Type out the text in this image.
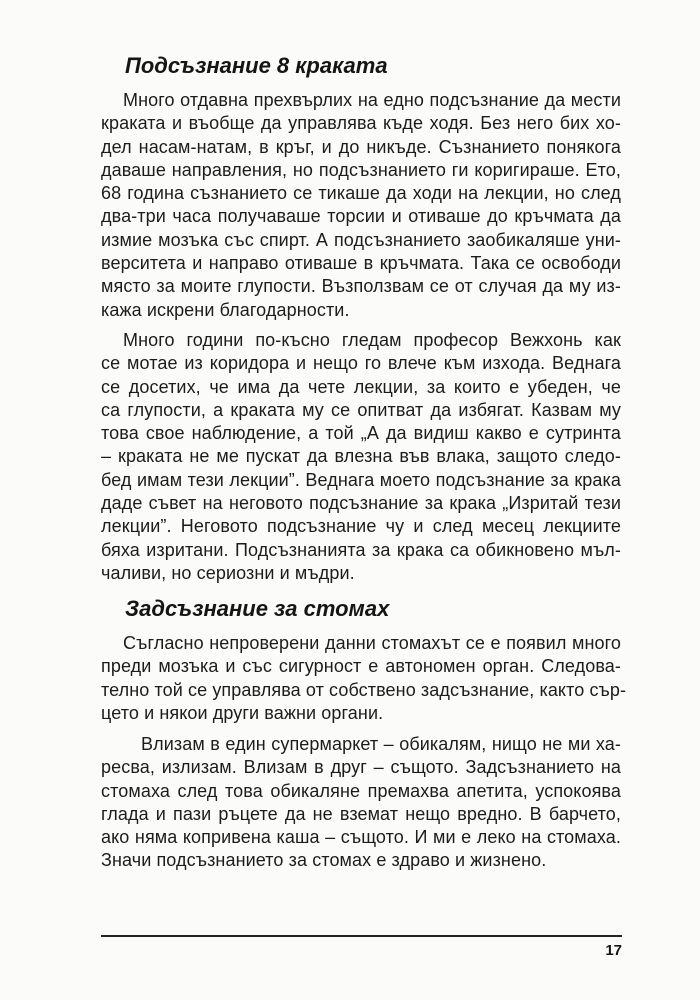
Подсъзнание 8 краката
Много отдавна прехвърлих на едно подсъзнание да мести
краката и въобще да управлява къде ходя. Без него бих хо-
дел насам-натам, в кръг, и до никъде. Съзнанието понякога
даваше направления, но подсъзнанието ги коригираше. Ето,
68 година съзнанието се тикаше да ходи на лекции, но след
два-три часа получаваше торсии и отиваше до кръчмата да
измие мозъка със спирт. А подсъзнанието заобикаляше уни-
верситета и направо отиваше в кръчмата. Така се освободи
място за моите глупости. Възползвам се от случая да му из-
кажа искрени благодарности.
Много години по-късно гледам професор Вежхонь как
се мотае из коридора и нещо го влече към изхода. Веднага
се досетих, че има да чете лекции, за които е убеден, че
са глупости, а краката му се опитват да избягат. Казвам му
това свое наблюдение, а той „А да видиш какво е сутринта
– краката не ме пускат да влезна във влака, защото следо-
бед имам тези лекции”. Веднага моето подсъзнание за крака
даде съвет на неговото подсъзнание за крака „Изритай тези
лекции”. Неговото подсъзнание чу и след месец лекциите
бяха изритани. Подсъзнанията за крака са обикновено мъл-
чаливи, но сериозни и мъдри.
Задсъзнание за стомах
Съгласно непроверени данни стомахът се е появил много
преди мозъка и със сигурност е автономен орган. Следова-
телно той се управлява от собствено задсъзнание, както сър-
цето и някои други важни органи.
Влизам в един супермаркет – обикалям, нищо не ми ха-
ресва, излизам. Влизам в друг – същото. Задсъзнанието на
стомаха след това обикаляне премахва апетита, успокоява
глада и пази ръцете да не вземат нещо вредно. В барчето,
ако няма копривена каша – същото. И ми е леко на стомаха.
Значи подсъзнанието за стомах е здраво и жизнено.
17
